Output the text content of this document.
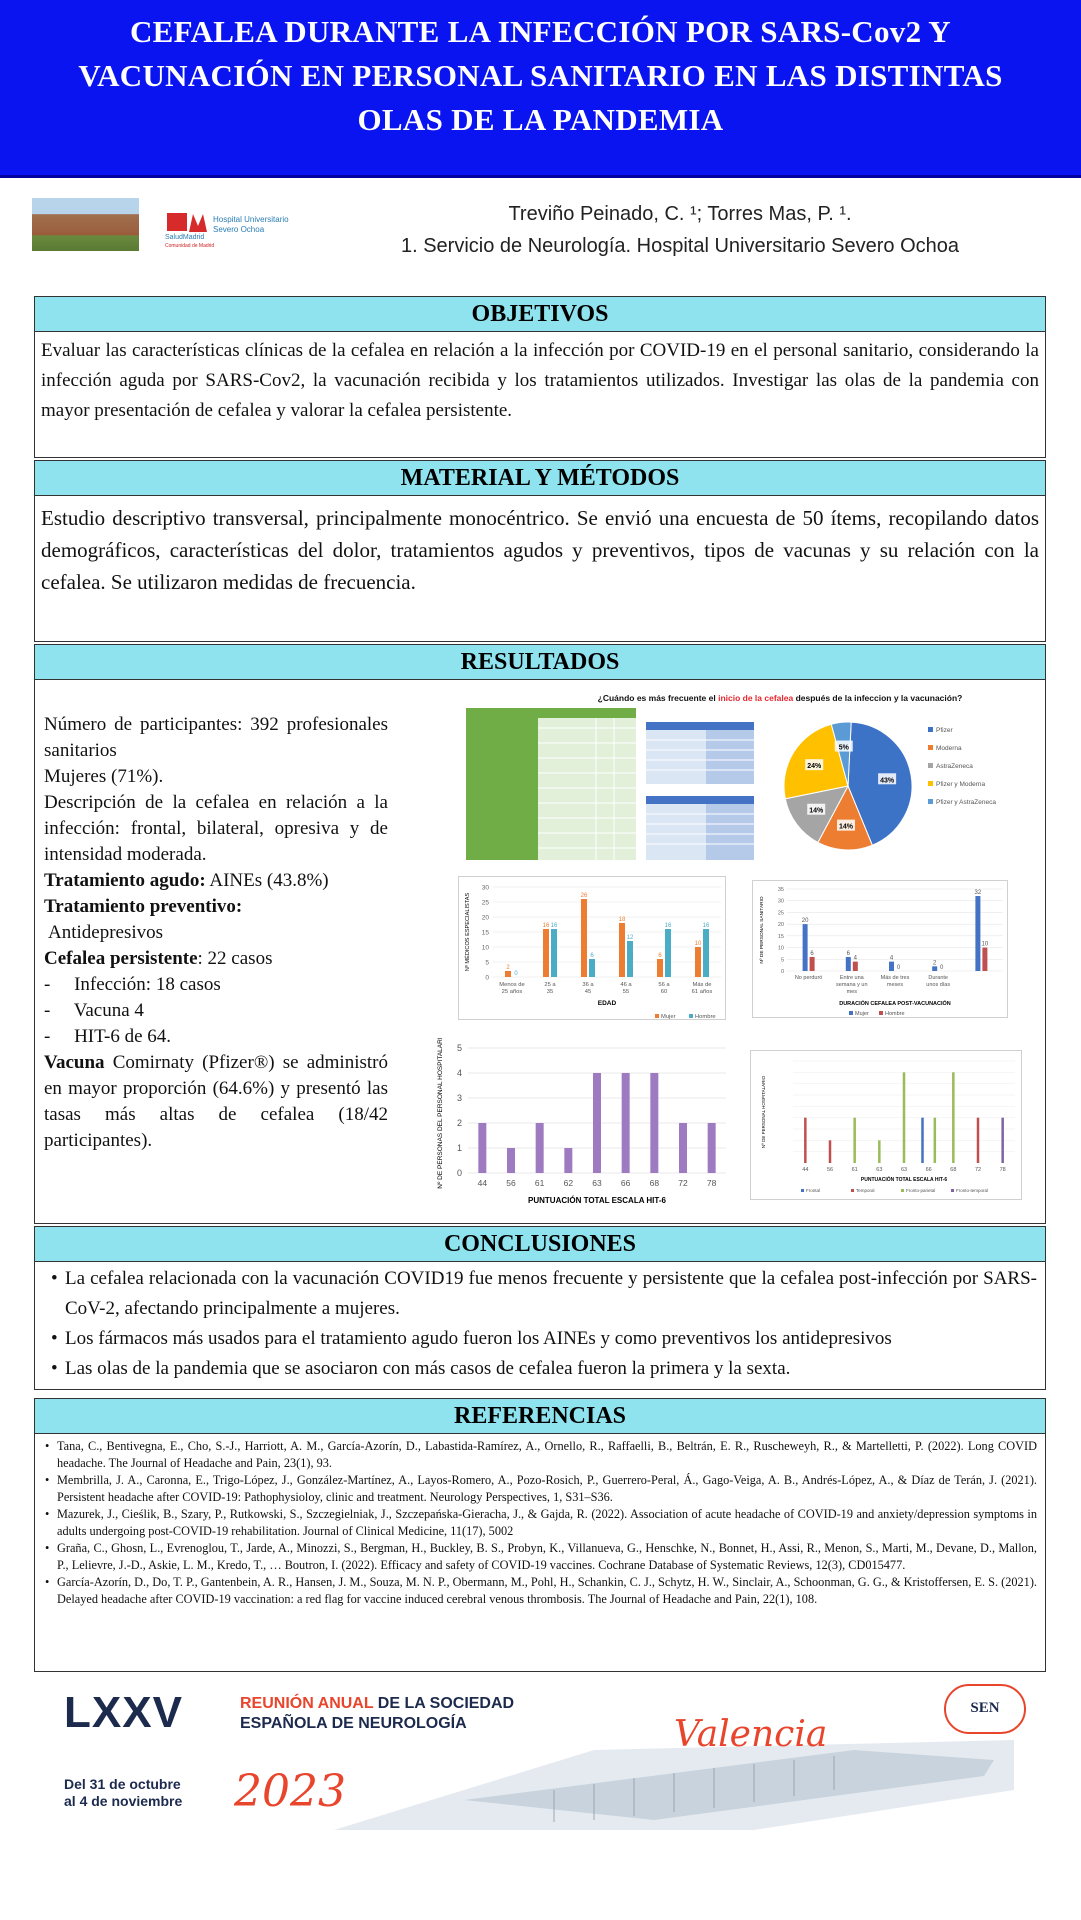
CEFALEA DURANTE LA INFECCIÓN POR SARS-Cov2 Y
VACUNACIÓN EN PERSONAL SANITARIO EN LAS DISTINTAS
OLAS DE LA PANDEMIA
SaludMadrid
Comunidad de Madrid
Hospital Universitario
Severo Ochoa
Treviño Peinado, C. ¹; Torres Mas, P. ¹.
1. Servicio de Neurología. Hospital Universitario Severo Ochoa
OBJETIVOS
Evaluar las características clínicas de la cefalea en relación a la infección por COVID-19 en el personal sanitario, considerando la infección aguda por SARS-Cov2, la vacunación recibida y los tratamientos utilizados. Investigar las olas de la pandemia con mayor presentación de cefalea y valorar la cefalea persistente.
MATERIAL Y MÉTODOS
Estudio descriptivo transversal, principalmente monocéntrico. Se envió una encuesta de 50 ítems, recopilando datos demográficos, características del dolor, tratamientos agudos y preventivos, tipos de vacunas y su relación con la cefalea. Se utilizaron medidas de frecuencia.
RESULTADOS
Número de participantes: 392 profesionales sanitarios
Mujeres (71%).
Descripción de la cefalea en relación a la infección: frontal, bilateral, opresiva y de intensidad moderada.
Tratamiento agudo: AINEs (43.8%)
Tratamiento preventivo:
Antidepresivos
Cefalea persistente: 22 casos
-     Infección: 18 casos
-     Vacuna 4
-     HIT-6 de 64.
Vacuna Comirnaty (Pfizer®) se administró en mayor proporción (64.6%) y presentó las tasas más altas de cefalea (18/42 participantes).
¿Cuándo es más frecuente el inicio de la cefalea después de la infeccion y la vacunación?
43%
14%
14%
24%
5%
Pfizer
Moderna
AstraZeneca
Pfizer y Moderna
Pfizer y AstraZeneca
0
5
10
15
20
25
30
2
0
Menos de
25 años
16 16
25 a
35
26
6
36 a
45
18
12
46 a
55
6
16
56 a
60
10
16
Más de
61 años
EDAD
Nº MÉDICOS ESPECIALISTAS
Mujer	Hombre
0
5
10
15
20
25
30
35
20
6	6
4	4
0
2
0
32
10
No perduró	Entre una
semana y un
mes
Más de tres
meses
Durante
unos días
DURACIÓN CEFALEA POST-VACUNACIÓN
Nº DE PERSONAL SANITARIO
Mujer	Hombre
0
1
2
3
4
5
44 56 61 62 63 66 68 72 78
PUNTUACIÓN TOTAL ESCALA HIT-6
Nº DE PERSONAS DEL PERSONAL HOSPITALARIO	44	56	61	63	63	66	68	72	78
PUNTUACIÓN TOTAL ESCALA HIT-6
Nº DE PERSONAL HOSPITALARIO
Frontal	Temporal	Fronto-parietal	Fronto-temporal
CONCLUSIONES
• La cefalea relacionada con la vacunación COVID19 fue menos frecuente y persistente que la cefalea post-infección por SARS-CoV-2, afectando principalmente a mujeres.
• Los fármacos más usados para el tratamiento agudo fueron los AINEs y como preventivos los antidepresivos
• Las olas de la pandemia que se asociaron con más casos de cefalea fueron la primera y la sexta.
REFERENCIAS
• Tana, C., Bentivegna, E., Cho, S.-J., Harriott, A. M., García-Azorín, D., Labastida-Ramírez, A., Ornello, R., Raffaelli, B., Beltrán, E. R., Ruscheweyh, R., & Martelletti, P. (2022). Long COVID headache. The Journal of Headache and Pain, 23(1), 93.
• Membrilla, J. A., Caronna, E., Trigo-López, J., González-Martínez, A., Layos-Romero, A., Pozo-Rosich, P., Guerrero-Peral, Á., Gago-Veiga, A. B., Andrés-López, A., & Díaz de Terán, J. (2021). Persistent headache after COVID-19: Pathophysioloy, clinic and treatment. Neurology Perspectives, 1, S31–S36.
• Mazurek, J., Cieślik, B., Szary, P., Rutkowski, S., Szczegielniak, J., Szczepańska-Gieracha, J., & Gajda, R. (2022). Association of acute headache of COVID-19 and anxiety/depression symptoms in adults undergoing post-COVID-19 rehabilitation. Journal of Clinical Medicine, 11(17), 5002
• Graña, C., Ghosn, L., Evrenoglou, T., Jarde, A., Minozzi, S., Bergman, H., Buckley, B. S., Probyn, K., Villanueva, G., Henschke, N., Bonnet, H., Assi, R., Menon, S., Marti, M., Devane, D., Mallon, P., Lelievre, J.-D., Askie, L. M., Kredo, T., … Boutron, I. (2022). Efficacy and safety of COVID-19 vaccines. Cochrane Database of Systematic Reviews, 12(3), CD015477.
• García-Azorín, D., Do, T. P., Gantenbein, A. R., Hansen, J. M., Souza, M. N. P., Obermann, M., Pohl, H., Schankin, C. J., Schytz, H. W., Sinclair, A., Schoonman, G. G., & Kristoffersen, E. S. (2021). Delayed headache after COVID-19 vaccination: a red flag for vaccine induced cerebral venous thrombosis. The Journal of Headache and Pain, 22(1), 108.
LXXV	REUNIÓN ANUAL DE LA SOCIEDAD
ESPAÑOLA DE NEUROLOGÍA	Valencia
SEN
Del 31 de octubre
al 4 de noviembre 2023
